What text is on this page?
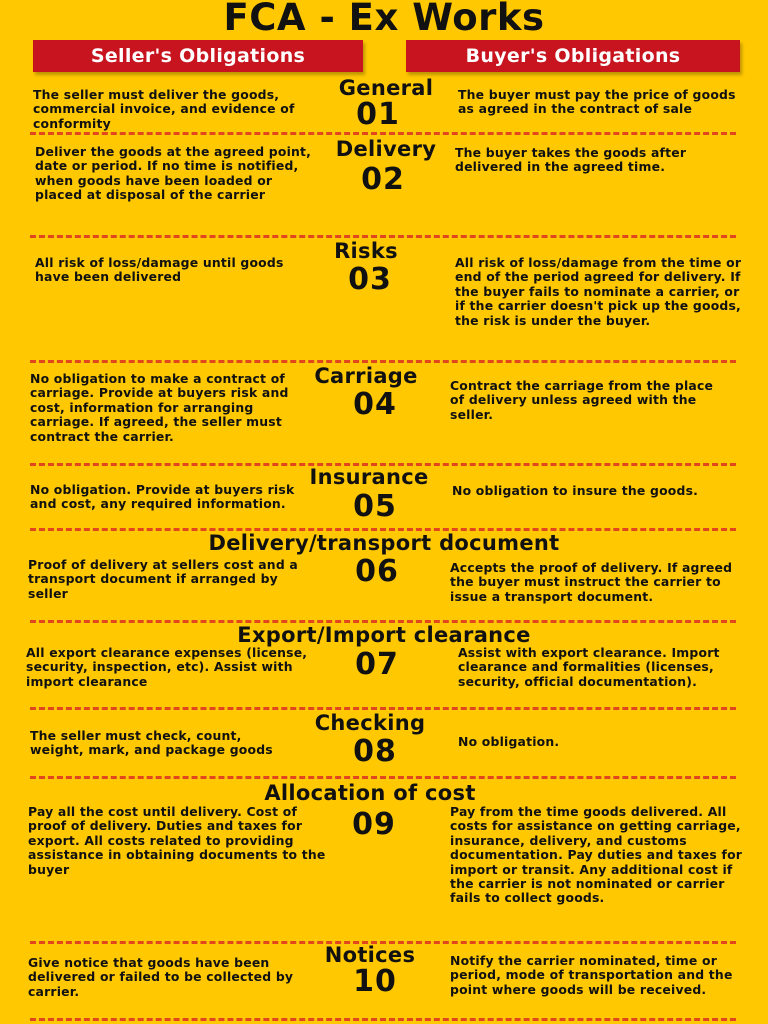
FCA - Ex Works
Seller's Obligations	Buyer's Obligations
General
01
The seller must deliver the goods, commercial invoice, and evidence of conformity
The buyer must pay the price of goods as agreed in the contract of sale
Delivery
02
Deliver the goods at the agreed point, date or period. If no time is notified, when goods have been loaded or placed at disposal of the carrier
The buyer takes the goods after delivered in the agreed time.
Risks
03
All risk of loss/damage until goods have been delivered
All risk of loss/damage from the time or end of the period agreed for delivery. If the buyer fails to nominate a carrier, or if the carrier doesn't pick up the goods, the risk is under the buyer.
Carriage
04
No obligation to make a contract of carriage. Provide at buyers risk and cost, information for arranging carriage. If agreed, the seller must contract the carrier.
Contract the carriage from the place of delivery unless agreed with the seller.
Insurance
05
No obligation. Provide at buyers risk and cost, any required information.
No obligation to insure the goods.
Delivery/transport document
06
Proof of delivery at sellers cost and a transport document if arranged by seller
Accepts the proof of delivery. If agreed the buyer must instruct the carrier to issue a transport document.
Export/Import clearance
07
All export clearance expenses (license, security, inspection, etc). Assist with import clearance
Assist with export clearance. Import clearance and formalities (licenses, security, official documentation).
Checking
08
The seller must check, count, weight, mark, and package goods
No obligation.
Allocation of cost
09
Pay all the cost until delivery. Cost of proof of delivery. Duties and taxes for export. All costs related to providing assistance in obtaining documents to the buyer
Pay from the time goods delivered. All costs for assistance on getting carriage, insurance, delivery, and customs documentation. Pay duties and taxes for import or transit. Any additional cost if the carrier is not nominated or carrier fails to collect goods.
Notices
10
Give notice that goods have been delivered or failed to be collected by carrier.
Notify the carrier nominated, time or period, mode of transportation and the point where goods will be received.
